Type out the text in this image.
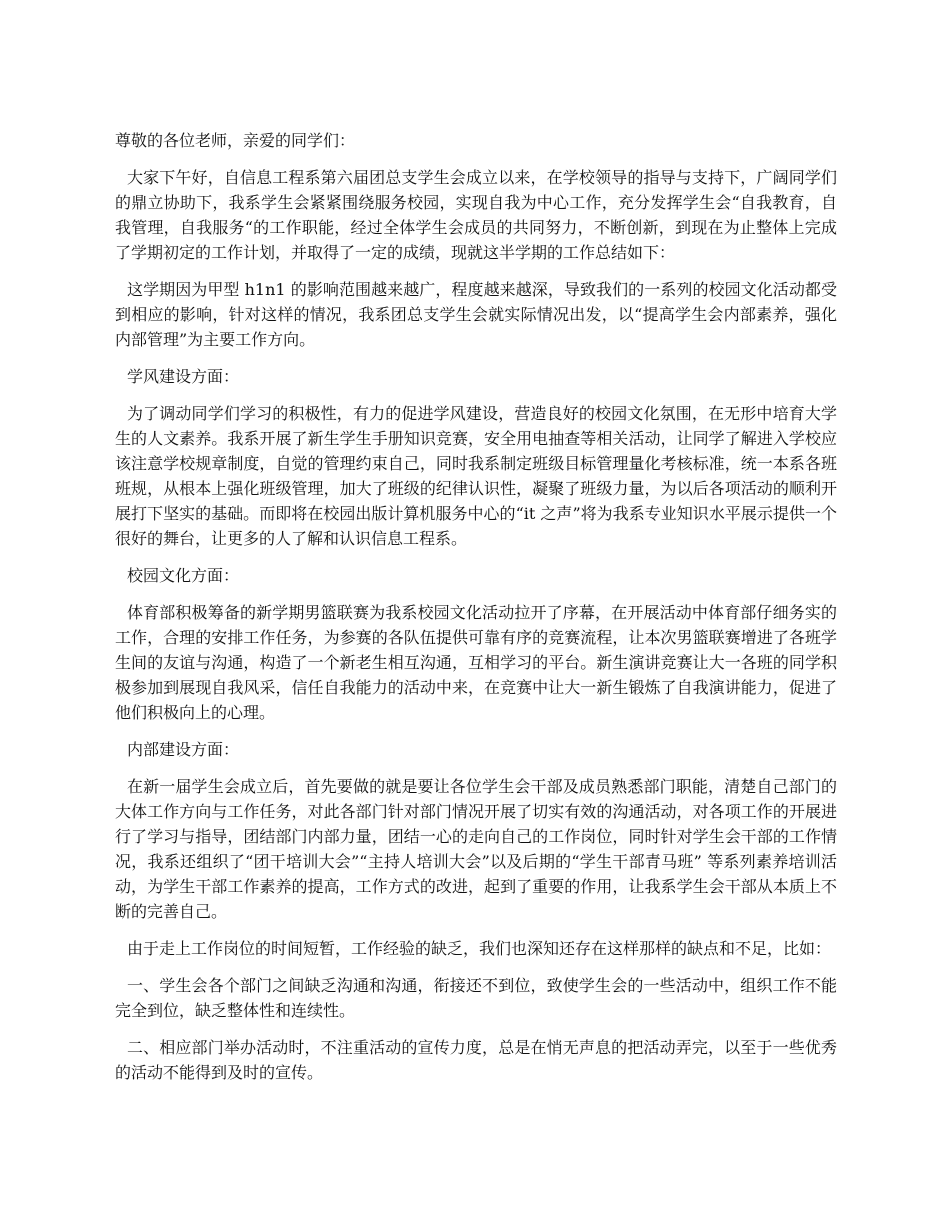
尊敬的各位老师，亲爱的同学们：

大家下午好，自信息工程系第六届团总支学生会成立以来，在学校领导的指导与支持下，广阔同学们的鼎立协助下，我系学生会紧紧围绕服务校园，实现自我为中心工作，充分发挥学生会“自我教育，自我管理，自我服务“的工作职能，经过全体学生会成员的共同努力，不断创新，到现在为止整体上完成了学期初定的工作计划，并取得了一定的成绩，现就这半学期的工作总结如下：

这学期因为甲型 h1n1 的影响范围越来越广，程度越来越深，导致我们的一系列的校园文化活动都受到相应的影响，针对这样的情况，我系团总支学生会就实际情况出发，以“提高学生会内部素养，强化内部管理”为主要工作方向。

学风建设方面：

为了调动同学们学习的积极性，有力的促进学风建设，营造良好的校园文化氛围，在无形中培育大学生的人文素养。我系开展了新生学生手册知识竞赛，安全用电抽查等相关活动，让同学了解进入学校应该注意学校规章制度，自觉的管理约束自己，同时我系制定班级目标管理量化考核标准，统一本系各班班规，从根本上强化班级管理，加大了班级的纪律认识性，凝聚了班级力量，为以后各项活动的顺利开展打下坚实的基础。而即将在校园出版计算机服务中心的“it 之声”将为我系专业知识水平展示提供一个很好的舞台，让更多的人了解和认识信息工程系。

校园文化方面：

体育部积极筹备的新学期男篮联赛为我系校园文化活动拉开了序幕，在开展活动中体育部仔细务实的工作，合理的安排工作任务，为参赛的各队伍提供可靠有序的竞赛流程，让本次男篮联赛增进了各班学生间的友谊与沟通，构造了一个新老生相互沟通，互相学习的平台。新生演讲竞赛让大一各班的同学积极参加到展现自我风采，信任自我能力的活动中来，在竞赛中让大一新生锻炼了自我演讲能力，促进了他们积极向上的心理。

内部建设方面：

在新一届学生会成立后，首先要做的就是要让各位学生会干部及成员熟悉部门职能，清楚自己部门的大体工作方向与工作任务，对此各部门针对部门情况开展了切实有效的沟通活动，对各项工作的开展进行了学习与指导，团结部门内部力量，团结一心的走向自己的工作岗位，同时针对学生会干部的工作情况，我系还组织了“团干培训大会”“主持人培训大会”以及后期的“学生干部青马班” 等系列素养培训活动，为学生干部工作素养的提高，工作方式的改进，起到了重要的作用，让我系学生会干部从本质上不断的完善自己。

由于走上工作岗位的时间短暂，工作经验的缺乏，我们也深知还存在这样那样的缺点和不足，比如：

一、学生会各个部门之间缺乏沟通和沟通，衔接还不到位，致使学生会的一些活动中，组织工作不能完全到位，缺乏整体性和连续性。

二、相应部门举办活动时，不注重活动的宣传力度，总是在悄无声息的把活动弄完，以至于一些优秀的活动不能得到及时的宣传。
